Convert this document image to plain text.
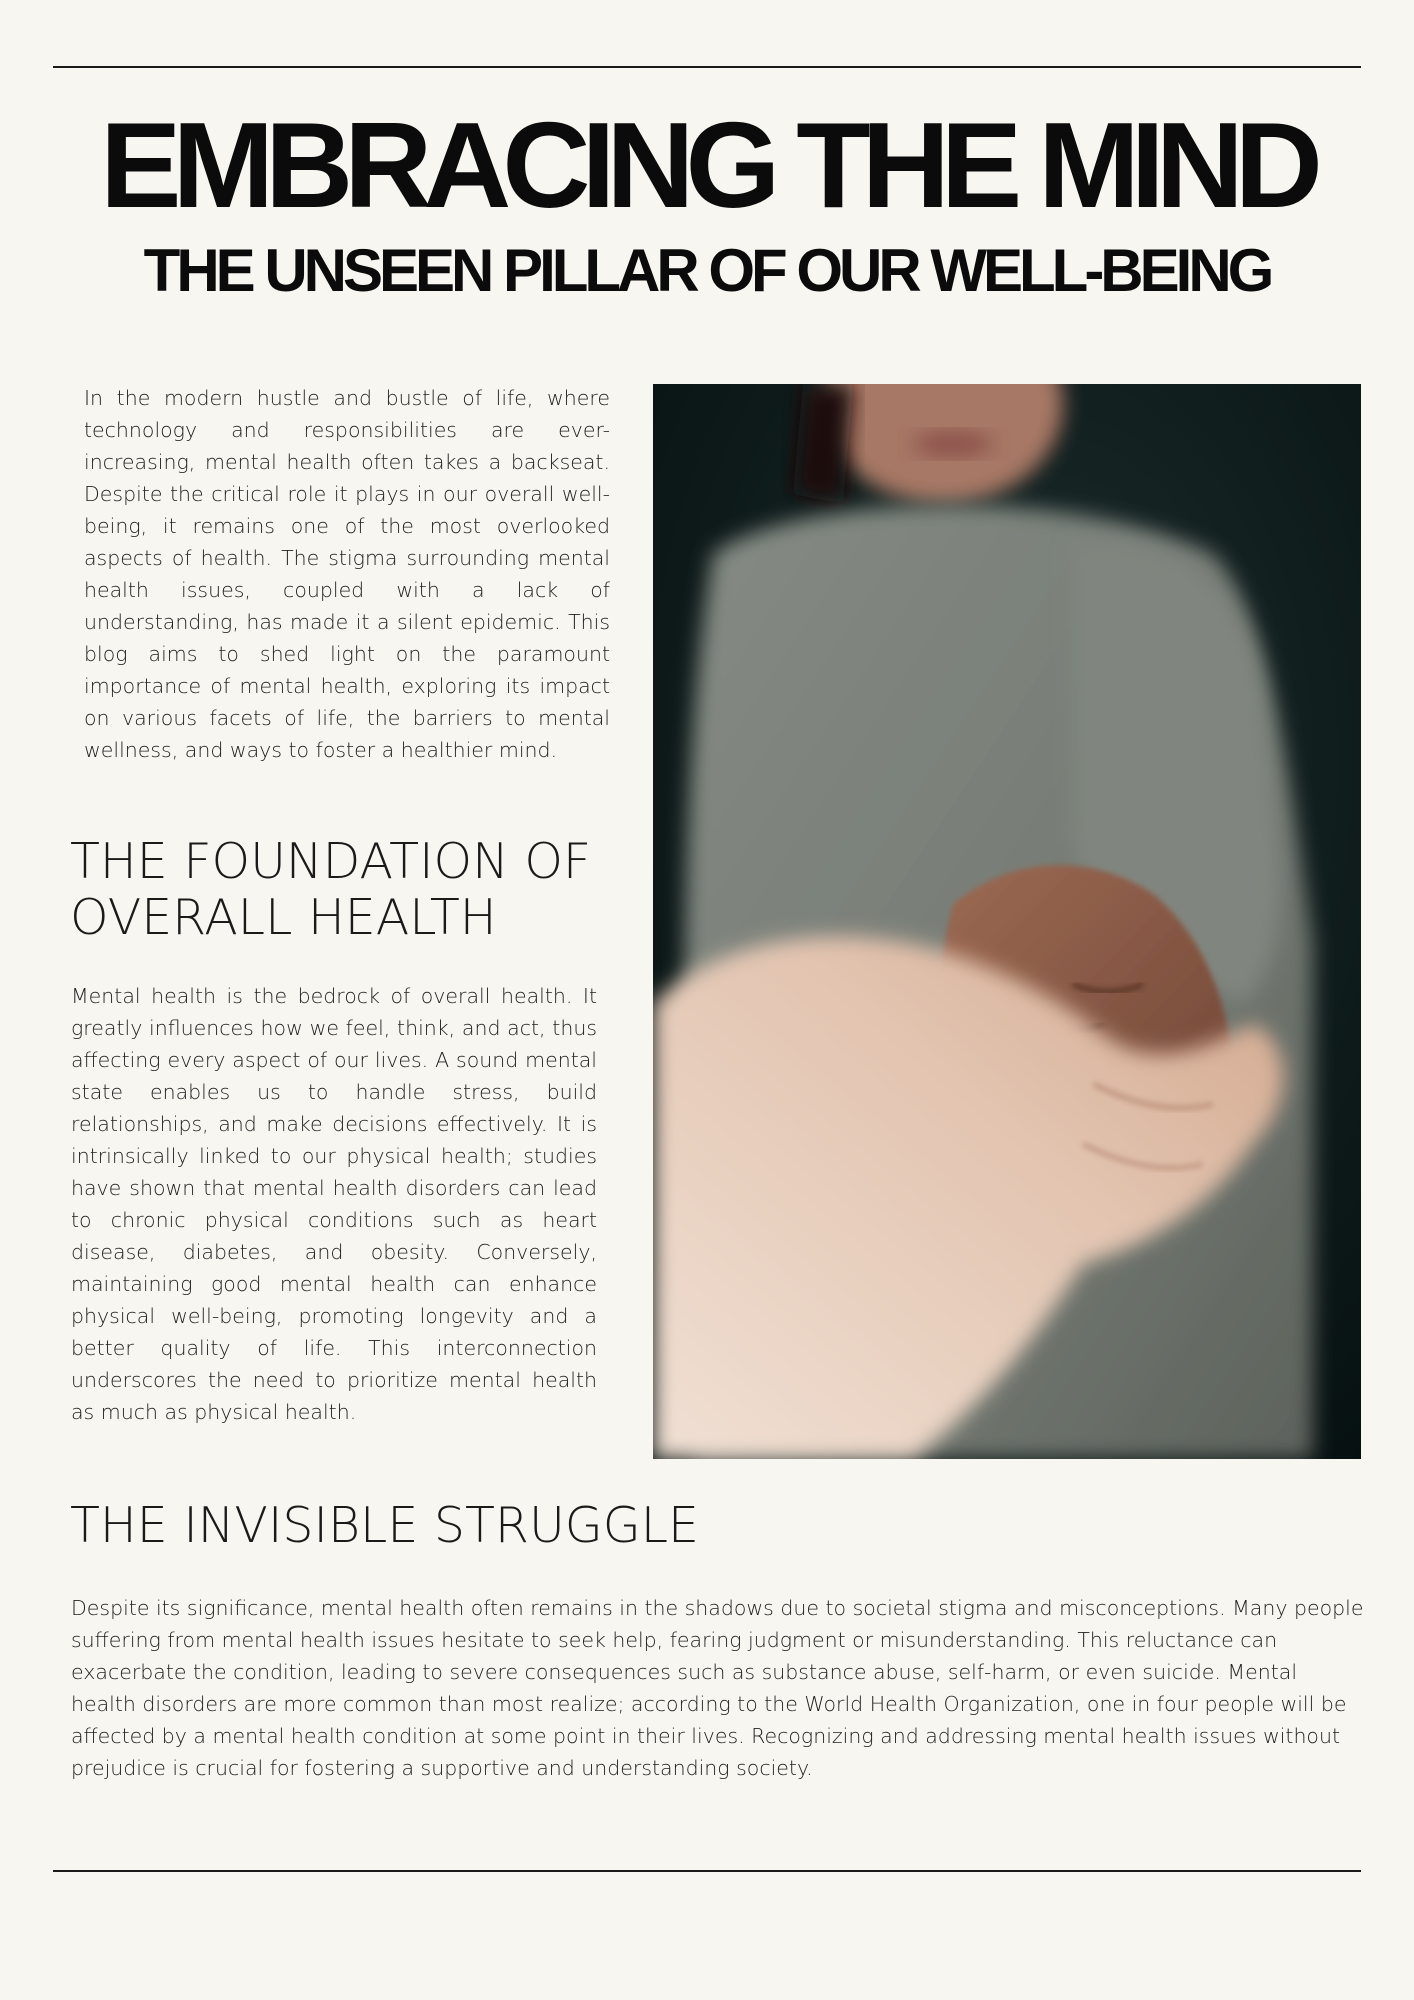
EMBRACING THE MIND
THE UNSEEN PILLAR OF OUR WELL-BEING

In the modern hustle and bustle of life, where technology and responsibilities are ever-increasing, mental health often takes a backseat. Despite the critical role it plays in our overall well-being, it remains one of the most overlooked aspects of health. The stigma surrounding mental health issues, coupled with a lack of understanding, has made it a silent epidemic. This blog aims to shed light on the paramount importance of mental health, exploring its impact on various facets of life, the barriers to mental wellness, and ways to foster a healthier mind.

THE FOUNDATION OF OVERALL HEALTH

Mental health is the bedrock of overall health. It greatly influences how we feel, think, and act, thus affecting every aspect of our lives. A sound mental state enables us to handle stress, build relationships, and make decisions effectively. It is intrinsically linked to our physical health; studies have shown that mental health disorders can lead to chronic physical conditions such as heart disease, diabetes, and obesity. Conversely, maintaining good mental health can enhance physical well-being, promoting longevity and a better quality of life. This interconnection underscores the need to prioritize mental health as much as physical health.

THE INVISIBLE STRUGGLE

Despite its significance, mental health often remains in the shadows due to societal stigma and misconceptions. Many people suffering from mental health issues hesitate to seek help, fearing judgment or misunderstanding. This reluctance can exacerbate the condition, leading to severe consequences such as substance abuse, self-harm, or even suicide. Mental health disorders are more common than most realize; according to the World Health Organization, one in four people will be affected by a mental health condition at some point in their lives. Recognizing and addressing mental health issues without prejudice is crucial for fostering a supportive and understanding society.
